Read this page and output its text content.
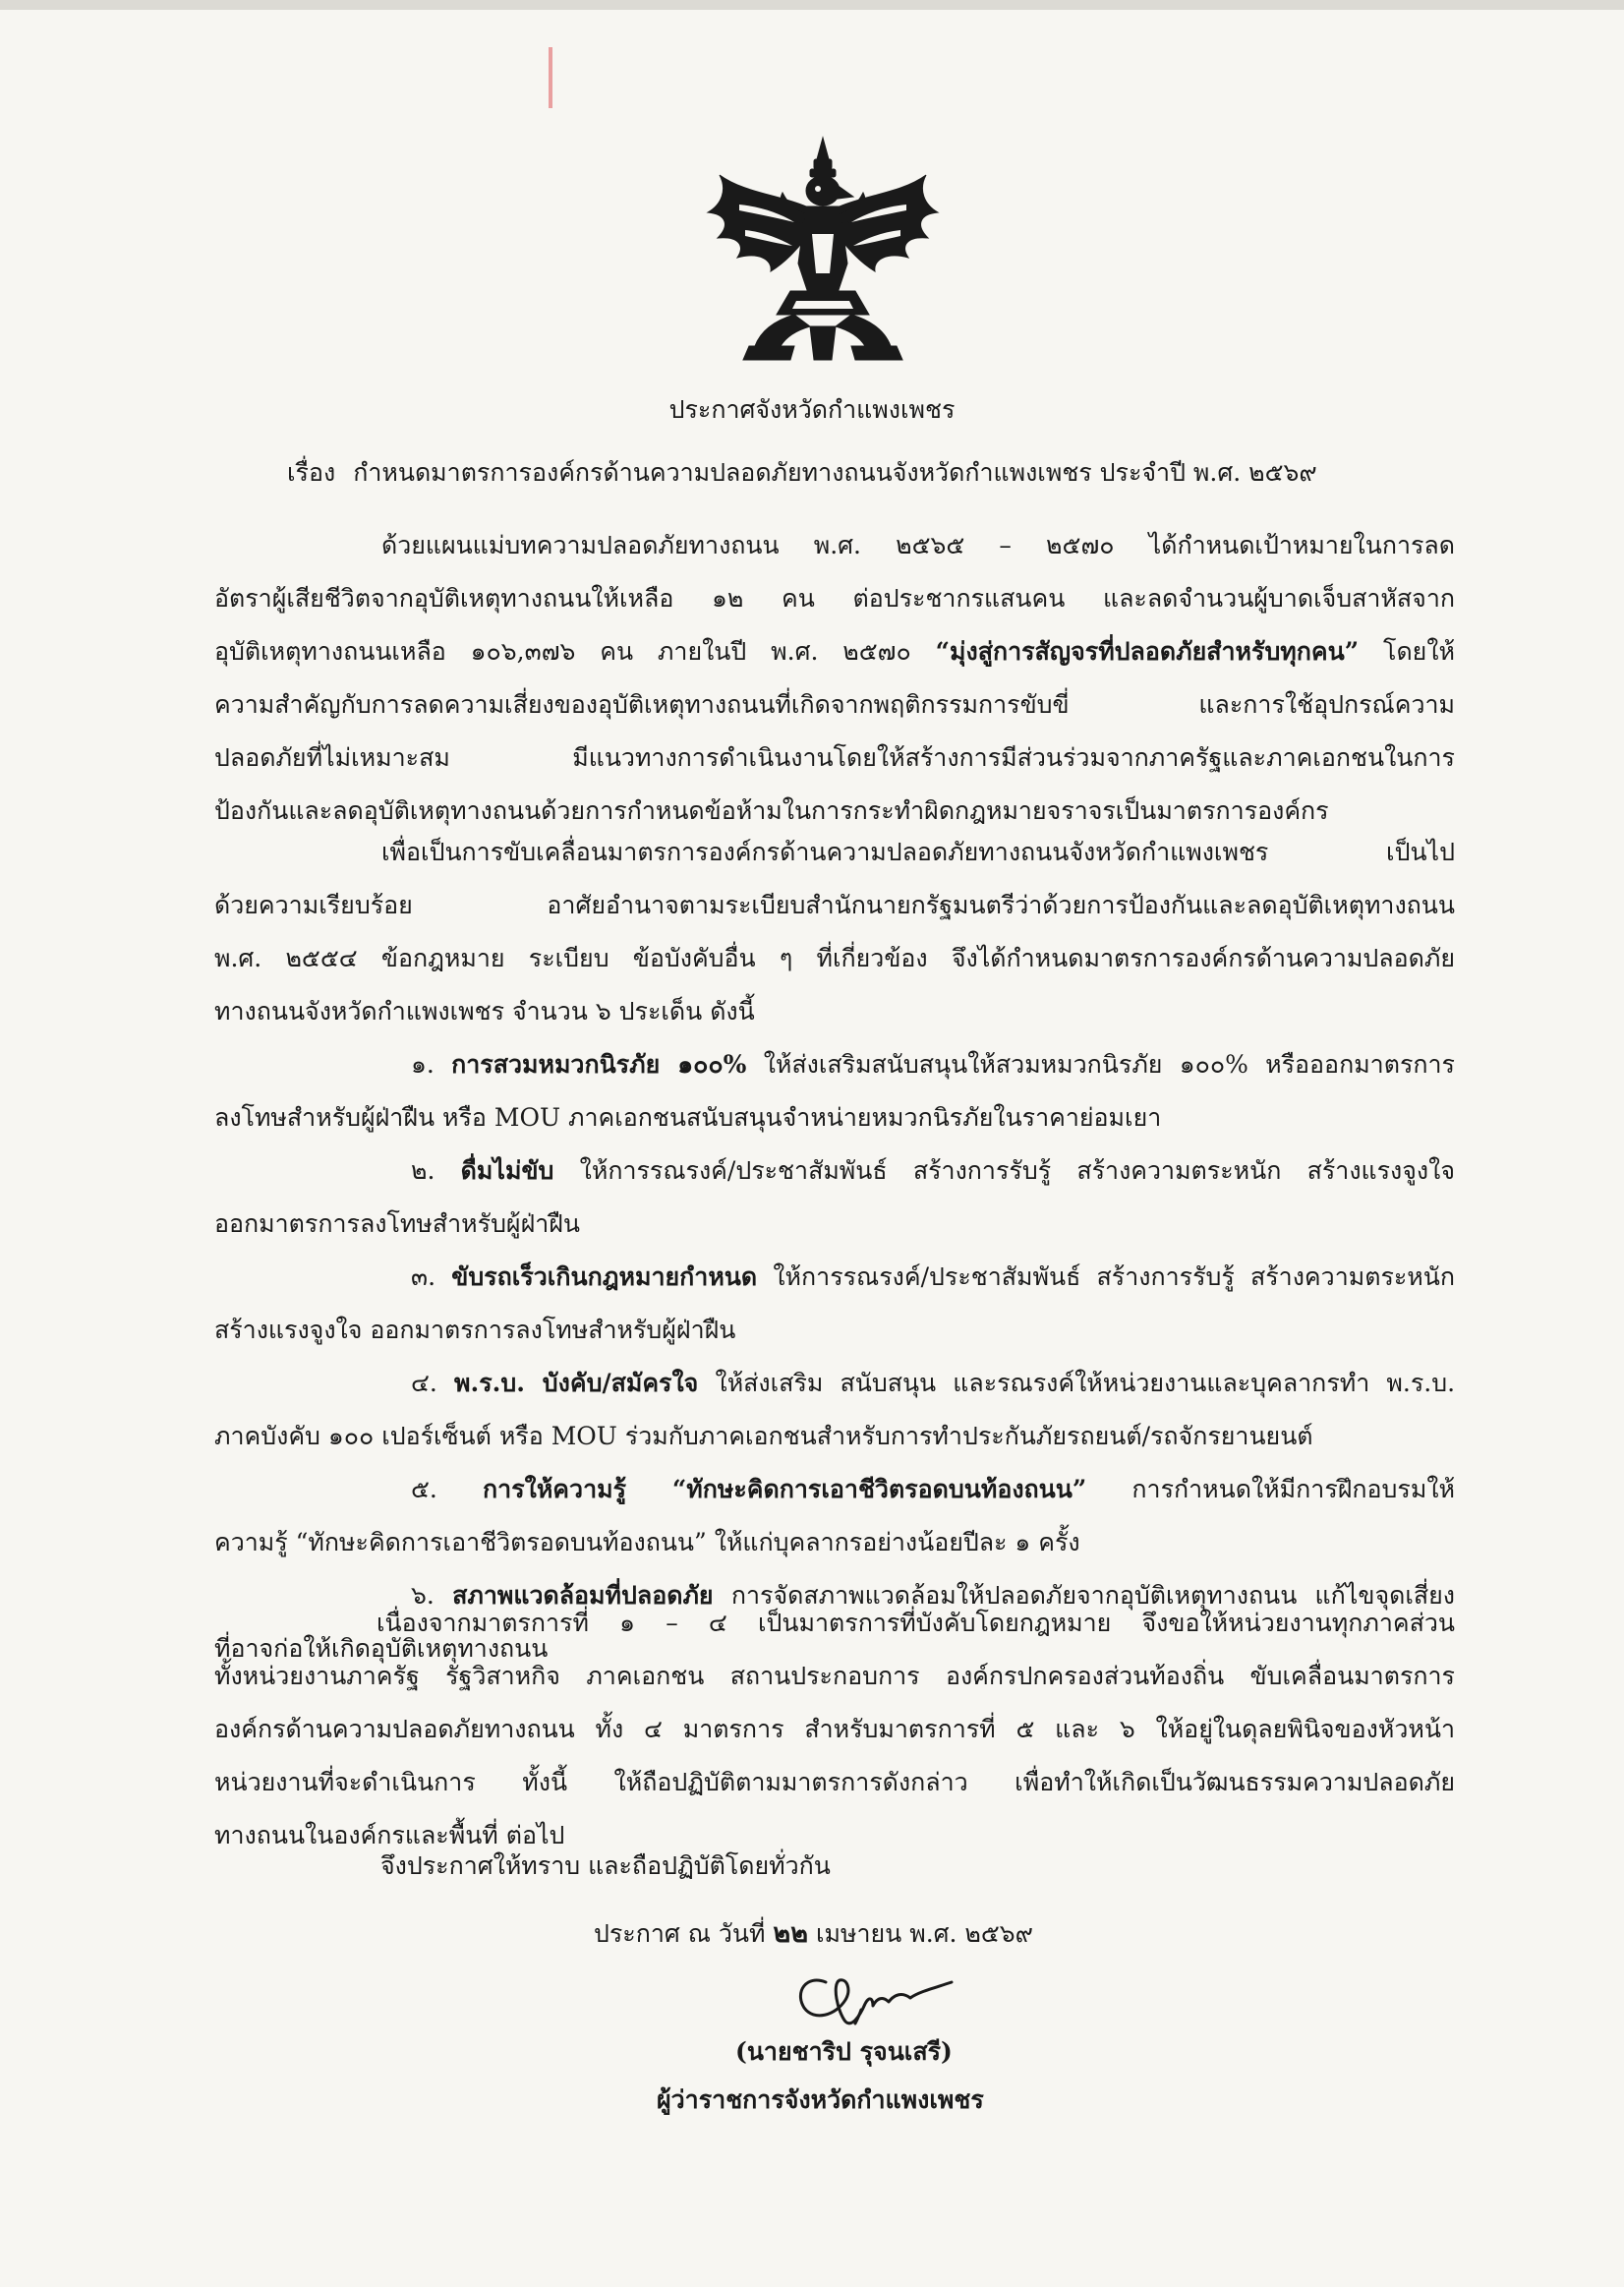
ประกาศจังหวัดกำแพงเพชร
เรื่อง กำหนดมาตรการองค์กรด้านความปลอดภัยทางถนนจังหวัดกำแพงเพชร ประจำปี พ.ศ. ๒๕๖๙
ด้วยแผนแม่บทความปลอดภัยทางถนน พ.ศ. ๒๕๖๕ – ๒๕๗๐ ได้กำหนดเป้าหมายในการลด
อัตราผู้เสียชีวิตจากอุบัติเหตุทางถนนให้เหลือ ๑๒ คน ต่อประชากรแสนคน และลดจำนวนผู้บาดเจ็บสาหัสจาก
อุบัติเหตุทางถนนเหลือ ๑๐๖,๓๗๖ คน ภายในปี พ.ศ. ๒๕๗๐ “มุ่งสู่การสัญจรที่ปลอดภัยสำหรับทุกคน” โดยให้
ความสำคัญกับการลดความเสี่ยงของอุบัติเหตุทางถนนที่เกิดจากพฤติกรรมการขับขี่ และการใช้อุปกรณ์ความ
ปลอดภัยที่ไม่เหมาะสม มีแนวทางการดำเนินงานโดยให้สร้างการมีส่วนร่วมจากภาครัฐและภาคเอกชนในการ
ป้องกันและลดอุบัติเหตุทางถนนด้วยการกำหนดข้อห้ามในการกระทำผิดกฎหมายจราจรเป็นมาตรการองค์กร
เพื่อเป็นการขับเคลื่อนมาตรการองค์กรด้านความปลอดภัยทางถนนจังหวัดกำแพงเพชร เป็นไป
ด้วยความเรียบร้อย อาศัยอำนาจตามระเบียบสำนักนายกรัฐมนตรีว่าด้วยการป้องกันและลดอุบัติเหตุทางถนน
พ.ศ. ๒๕๕๔ ข้อกฎหมาย ระเบียบ ข้อบังคับอื่น ๆ ที่เกี่ยวข้อง จึงได้กำหนดมาตรการองค์กรด้านความปลอดภัย
ทางถนนจังหวัดกำแพงเพชร จำนวน ๖ ประเด็น ดังนี้
๑. การสวมหมวกนิรภัย ๑๐๐% ให้ส่งเสริมสนับสนุนให้สวมหมวกนิรภัย ๑๐๐% หรือออกมาตรการ
ลงโทษสำหรับผู้ฝ่าฝืน หรือ MOU ภาคเอกชนสนับสนุนจำหน่ายหมวกนิรภัยในราคาย่อมเยา
๒. ดื่มไม่ขับ ให้การรณรงค์/ประชาสัมพันธ์ สร้างการรับรู้ สร้างความตระหนัก สร้างแรงจูงใจ
ออกมาตรการลงโทษสำหรับผู้ฝ่าฝืน
๓. ขับรถเร็วเกินกฎหมายกำหนด ให้การรณรงค์/ประชาสัมพันธ์ สร้างการรับรู้ สร้างความตระหนัก
สร้างแรงจูงใจ ออกมาตรการลงโทษสำหรับผู้ฝ่าฝืน
๔. พ.ร.บ. บังคับ/สมัครใจ ให้ส่งเสริม สนับสนุน และรณรงค์ให้หน่วยงานและบุคลากรทำ พ.ร.บ.
ภาคบังคับ ๑๐๐ เปอร์เซ็นต์ หรือ MOU ร่วมกับภาคเอกชนสำหรับการทำประกันภัยรถยนต์/รถจักรยานยนต์
๕. การให้ความรู้ “ทักษะคิดการเอาชีวิตรอดบนท้องถนน” การกำหนดให้มีการฝึกอบรมให้
ความรู้ “ทักษะคิดการเอาชีวิตรอดบนท้องถนน” ให้แก่บุคลากรอย่างน้อยปีละ ๑ ครั้ง
๖. สภาพแวดล้อมที่ปลอดภัย การจัดสภาพแวดล้อมให้ปลอดภัยจากอุบัติเหตุทางถนน แก้ไขจุดเสี่ยง
ที่อาจก่อให้เกิดอุบัติเหตุทางถนน
เนื่องจากมาตรการที่ ๑ – ๔ เป็นมาตรการที่บังคับโดยกฎหมาย จึงขอให้หน่วยงานทุกภาคส่วน
ทั้งหน่วยงานภาครัฐ รัฐวิสาหกิจ ภาคเอกชน สถานประกอบการ องค์กรปกครองส่วนท้องถิ่น ขับเคลื่อนมาตรการ
องค์กรด้านความปลอดภัยทางถนน ทั้ง ๔ มาตรการ สำหรับมาตรการที่ ๕ และ ๖ ให้อยู่ในดุลยพินิจของหัวหน้า
หน่วยงานที่จะดำเนินการ ทั้งนี้ ให้ถือปฏิบัติตามมาตรการดังกล่าว เพื่อทำให้เกิดเป็นวัฒนธรรมความปลอดภัย
ทางถนนในองค์กรและพื้นที่ ต่อไป
จึงประกาศให้ทราบ และถือปฏิบัติโดยทั่วกัน
ประกาศ ณ วันที่ ๒๒ เมษายน พ.ศ. ๒๕๖๙
(นายชาริป รุจนเสรี)
ผู้ว่าราชการจังหวัดกำแพงเพชร
